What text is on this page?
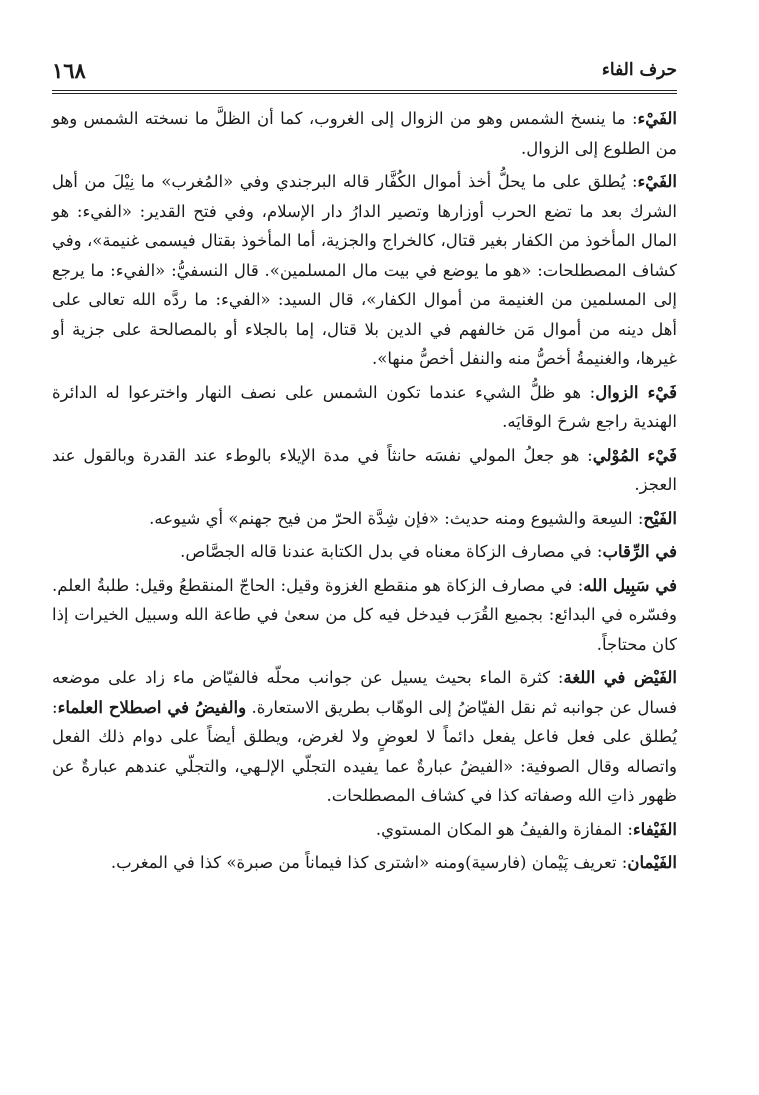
حرف الفاء
١٦٨

الفَيْء: ما ينسخ الشمس وهو من الزوال إلى الغروب، كما أن الظلَّ ما نسخته الشمس وهو من الطلوع إلى الزوال.

الفَيْء: يُطلق على ما يحلُّ أخذ أموال الكُفَّار قاله البرجندي وفي «المُغرب» ما نِيْلَ من أهل الشرك بعد ما تضع الحرب أوزارها وتصير الدارُ دار الإسلام، وفي فتح القدير: «الفيء: هو المال المأخوذ من الكفار بغير قتال، كالخراج والجزية، أما المأخوذ بقتال فيسمى غنيمة»، وفي كشاف المصطلحات: «هو ما يوضع في بيت مال المسلمين». قال النسفيُّ: «الفيء: ما يرجع إلى المسلمين من الغنيمة من أموال الكفار»، قال السيد: «الفيء: ما ردَّه الله تعالى على أهل دينه من أموال مَن خالفهم في الدين بلا قتال، إما بالجلاء أو بالمصالحة على جزية أو غيرها، والغنيمةُ أخصُّ منه والنفل أخصُّ منها».

فَيْء الزوال: هو ظلُّ الشيء عندما تكون الشمس على نصف النهار واخترعوا له الدائرة الهندية راجع شرحَ الوقايَه.

فَيْء المُوْلي: هو جعلُ المولي نفسَه حانثاً في مدة الإيلاء بالوطء عند القدرة وبالقول عند العجز.

الفَيْح: السِعة والشيوع ومنه حديث: «فإن شِدَّة الحرّ من فيح جهنم» أي شيوعه.

في الرِّقاب: في مصارف الزكاة معناه في بدل الكتابة عندنا قاله الجصَّاص.

في سَبِيل الله: في مصارف الزكاة هو منقطع الغزوة وقيل: الحاجّ المنقطعُ وقيل: طلبةُ العلم. وفسّره في البدائع: بجميع القُرَب فيدخل فيه كل من سعىٰ في طاعة الله وسبيل الخيرات إذا كان محتاجاً.

الفَيْض في اللغة: كثرة الماء بحيث يسيل عن جوانب محلّه فالفيّاض ماء زاد على موضعه فسال عن جوانبه ثم نقل الفيّاضُ إلى الوهّاب بطريق الاستعارة. والفيضُ في اصطلاح العلماء: يُطلق على فعل فاعل يفعل دائماً لا لعوضٍ ولا لغرض، ويطلق أيضاً على دوام ذلك الفعل واتصاله وقال الصوفية: «الفيضُ عبارةٌ عما يفيده التجلّي الإلـهي، والتجلّي عندهم عبارةٌ عن ظهور ذاتِ الله وصفاته كذا في كشاف المصطلحات.

الفَيْفاء: المفازة والفيفُ هو المكان المستوي.

الفَيْمان: تعريف پَيْمان (فارسية)ومنه «اشترى كذا فيماناً من صبرة» كذا في المغرب.
